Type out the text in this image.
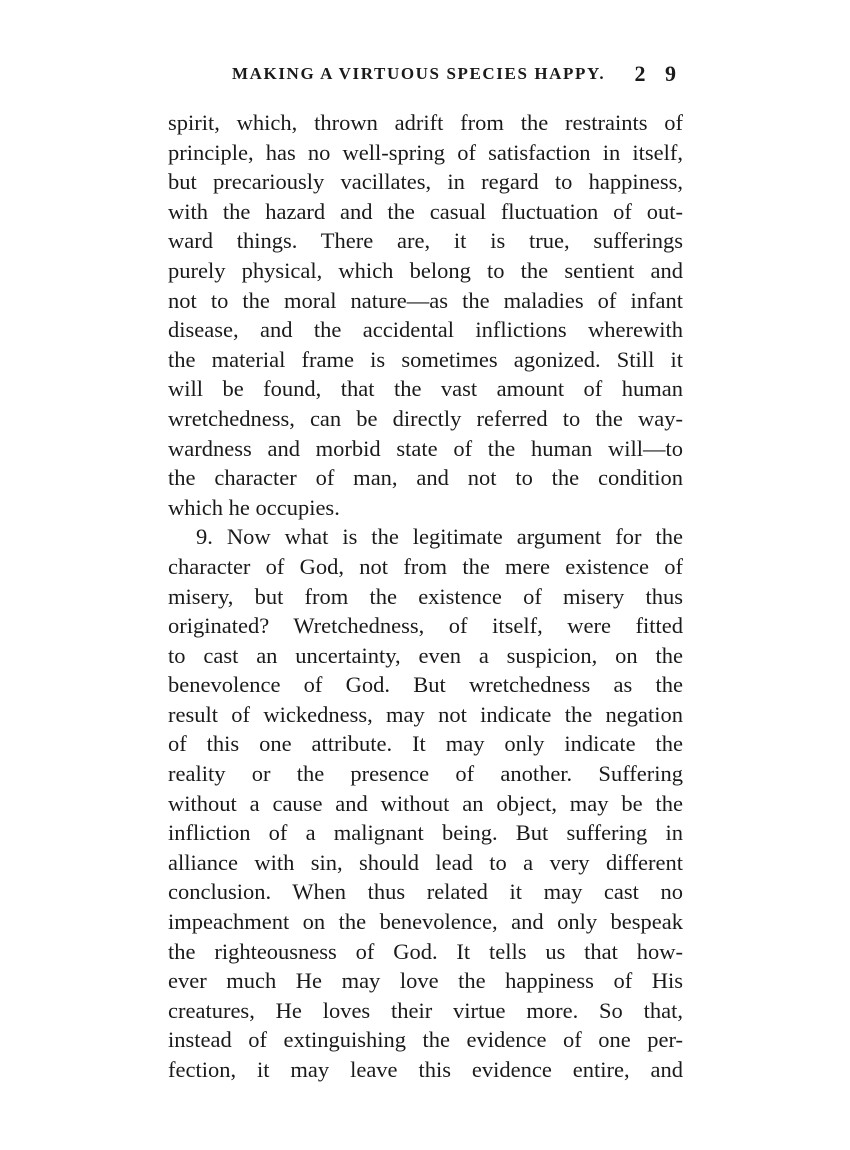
MAKING A VIRTUOUS SPECIES HAPPY. 2 9
spirit, which, thrown adrift from the restraints of
principle, has no well-spring of satisfaction in itself,
but precariously vacillates, in regard to happiness,
with the hazard and the casual fluctuation of out-
ward things. There are, it is true, sufferings
purely physical, which belong to the sentient and
not to the moral nature—as the maladies of infant
disease, and the accidental inflictions wherewith
the material frame is sometimes agonized. Still it
will be found, that the vast amount of human
wretchedness, can be directly referred to the way-
wardness and morbid state of the human will—to
the character of man, and not to the condition
which he occupies.
9. Now what is the legitimate argument for the
character of God, not from the mere existence of
misery, but from the existence of misery thus
originated? Wretchedness, of itself, were fitted
to cast an uncertainty, even a suspicion, on the
benevolence of God. But wretchedness as the
result of wickedness, may not indicate the negation
of this one attribute. It may only indicate the
reality or the presence of another. Suffering
without a cause and without an object, may be the
infliction of a malignant being. But suffering in
alliance with sin, should lead to a very different
conclusion. When thus related it may cast no
impeachment on the benevolence, and only bespeak
the righteousness of God. It tells us that how-
ever much He may love the happiness of His
creatures, He loves their virtue more. So that,
instead of extinguishing the evidence of one per-
fection, it may leave this evidence entire, and
